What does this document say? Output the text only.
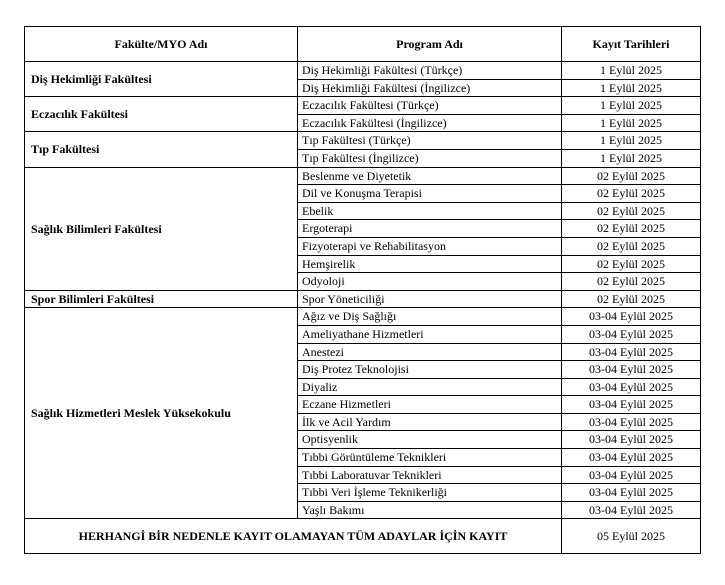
Fakülte/MYO Adı	Program Adı	Kayıt Tarihleri
Diş Hekimliği Fakültesi	Diş Hekimliği Fakültesi (Türkçe)	1 Eylül 2025
	Diş Hekimliği Fakültesi (İngilizce)	1 Eylül 2025
Eczacılık Fakültesi	Eczacılık Fakültesi (Türkçe)	1 Eylül 2025
	Eczacılık Fakültesi (İngilizce)	1 Eylül 2025
Tıp Fakültesi	Tıp Fakültesi (Türkçe)	1 Eylül 2025
	Tıp Fakültesi (İngilizce)	1 Eylül 2025
Sağlık Bilimleri Fakültesi	Beslenme ve Diyetetik	02 Eylül 2025
	Dil ve Konuşma Terapisi	02 Eylül 2025
	Ebelik	02 Eylül 2025
	Ergoterapi	02 Eylül 2025
	Fizyoterapi ve Rehabilitasyon	02 Eylül 2025
	Hemşirelik	02 Eylül 2025
	Odyoloji	02 Eylül 2025
Spor Bilimleri Fakültesi	Spor Yöneticiliği	02 Eylül 2025
Sağlık Hizmetleri Meslek Yüksekokulu	Ağız ve Diş Sağlığı	03-04 Eylül 2025
	Ameliyathane Hizmetleri	03-04 Eylül 2025
	Anestezi	03-04 Eylül 2025
	Diş Protez Teknolojisi	03-04 Eylül 2025
	Diyaliz	03-04 Eylül 2025
	Eczane Hizmetleri	03-04 Eylül 2025
	İlk ve Acil Yardım	03-04 Eylül 2025
	Optisyenlik	03-04 Eylül 2025
	Tıbbi Görüntüleme Teknikleri	03-04 Eylül 2025
	Tıbbi Laboratuvar Teknikleri	03-04 Eylül 2025
	Tıbbi Veri İşleme Teknikerliği	03-04 Eylül 2025
	Yaşlı Bakımı	03-04 Eylül 2025
HERHANGİ BİR NEDENLE KAYIT OLAMAYAN TÜM ADAYLAR İÇİN KAYIT		05 Eylül 2025
